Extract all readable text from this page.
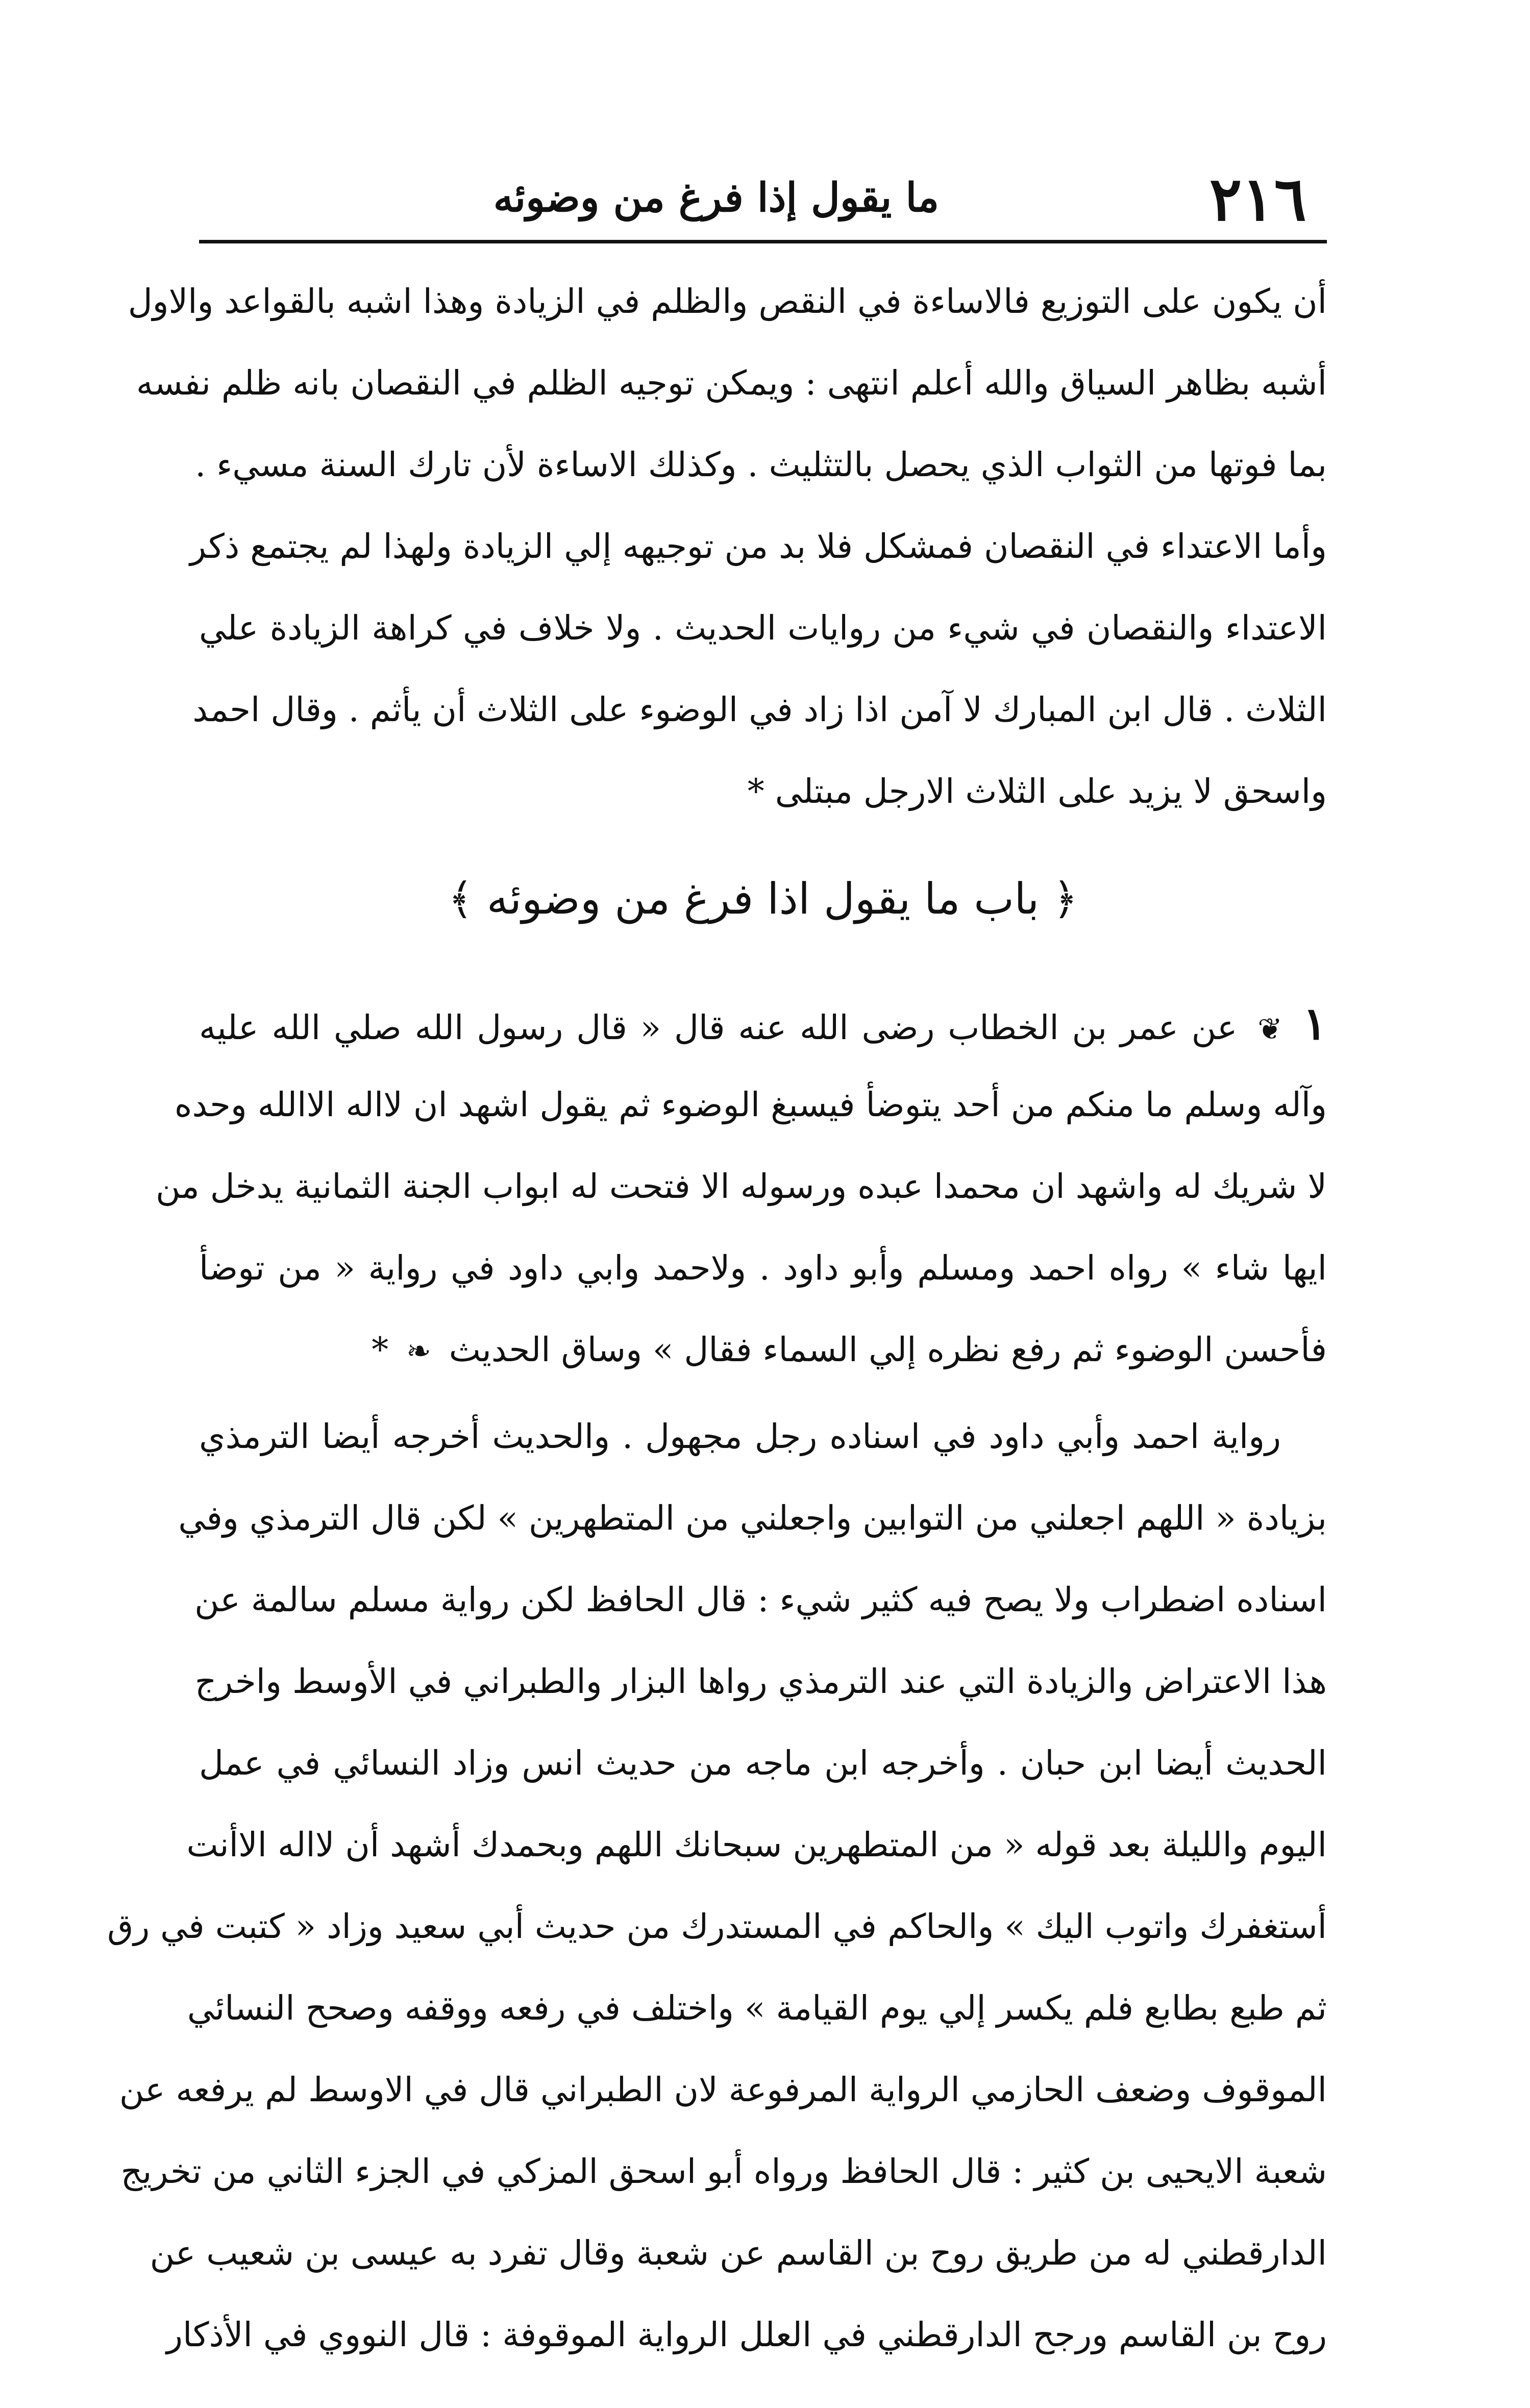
٢١٦
ما يقول إذا فرغ من وضوئه
أن يكون على التوزيع فالاساءة في النقص والظلم في الزيادة وهذا اشبه بالقواعد والاول
أشبه بظاهر السياق والله أعلم انتهى : ويمكن توجيه الظلم في النقصان بانه ظلم نفسه
بما فوتها من الثواب الذي يحصل بالتثليث . وكذلك الاساءة لأن تارك السنة مسيء .
وأما الاعتداء في النقصان فمشكل فلا بد من توجيهه إلي الزيادة ولهذا لم يجتمع ذكر
الاعتداء والنقصان في شيء من روايات الحديث . ولا خلاف في كراهة الزيادة علي
الثلاث . قال ابن المبارك لا آمن اذا زاد في الوضوء على الثلاث أن يأثم . وقال احمد
واسحق لا يزيد على الثلاث الارجل مبتلى *
﴿ باب ما يقول اذا فرغ من وضوئه ﴾
١ ❦ عن عمر بن الخطاب رضى الله عنه قال « قال رسول الله صلي الله عليه
وآله وسلم ما منكم من أحد يتوضأ فيسبغ الوضوء ثم يقول اشهد ان لااله الاالله وحده
لا شريك له واشهد ان محمدا عبده ورسوله الا فتحت له ابواب الجنة الثمانية يدخل من
ايها شاء » رواه احمد ومسلم وأبو داود . ولاحمد وابي داود في رواية « من توضأ
فأحسن الوضوء ثم رفع نظره إلي السماء فقال » وساق الحديث ❧ *
رواية احمد وأبي داود في اسناده رجل مجهول . والحديث أخرجه أيضا الترمذي
بزيادة « اللهم اجعلني من التوابين واجعلني من المتطهرين » لكن قال الترمذي وفي
اسناده اضطراب ولا يصح فيه كثير شيء : قال الحافظ لكن رواية مسلم سالمة عن
هذا الاعتراض والزيادة التي عند الترمذي رواها البزار والطبراني في الأوسط واخرج
الحديث أيضا ابن حبان . وأخرجه ابن ماجه من حديث انس وزاد النسائي في عمل
اليوم والليلة بعد قوله « من المتطهرين سبحانك اللهم وبحمدك أشهد أن لااله الاأنت
أستغفرك واتوب اليك » والحاكم في المستدرك من حديث أبي سعيد وزاد « كتبت في رق
ثم طبع بطابع فلم يكسر إلي يوم القيامة » واختلف في رفعه ووقفه وصحح النسائي
الموقوف وضعف الحازمي الرواية المرفوعة لان الطبراني قال في الاوسط لم يرفعه عن
شعبة الايحيى بن كثير : قال الحافظ ورواه أبو اسحق المزكي في الجزء الثاني من تخريج
الدارقطني له من طريق روح بن القاسم عن شعبة وقال تفرد به عيسى بن شعيب عن
روح بن القاسم ورجح الدارقطني في العلل الرواية الموقوفة : قال النووي في الأذكار
